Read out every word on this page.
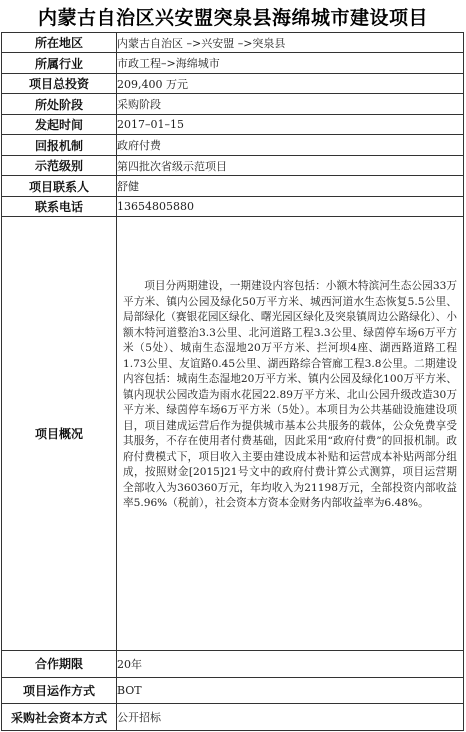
内蒙古自治区兴安盟突泉县海绵城市建设项目
所在地区	内蒙古自治区 –>兴安盟 –>突泉县
所属行业	市政工程–>海绵城市
项目总投资	209,400 万元
所处阶段	采购阶段
发起时间	2017–01–15
回报机制	政府付费
示范级别	第四批次省级示范项目
项目联系人	舒健
联系电话	13654805880
项目概况	项目分两期建设，一期建设内容包括：小额木特滨河生态公园33万平方米、镇内公园及绿化50万平方米、城西河道水生态恢复5.5公里、局部绿化（赛银花园区绿化、曙光园区绿化及突泉镇周边公路绿化）、小额木特河道整治3.3公里、北河道路工程3.3公里、绿茵停车场6万平方米（5处）、城南生态湿地20万平方米、拦河坝4座、湖西路道路工程1.73公里、友谊路0.45公里、湖西路综合管廊工程3.8公里。二期建设内容包括：城南生态湿地20万平方米、镇内公园及绿化100万平方米、镇内现状公园改造为雨水花园22.89万平方米、北山公园升级改造30万平方米、绿茵停车场6万平方米（5处）。本项目为公共基础设施建设项目，项目建成运营后作为提供城市基本公共服务的载体，公众免费享受其服务，不存在使用者付费基础，因此采用“政府付费”的回报机制。政府付费模式下，项目收入主要由建设成本补贴和运营成本补贴两部分组成，按照财金[2015]21号文中的政府付费计算公式测算，项目运营期全部收入为360360万元，年均收入为21198万元，全部投资内部收益率5.96%（税前），社会资本方资本金财务内部收益率为6.48%。

合作期限	20年
项目运作方式	BOT
采购社会资本方式	公开招标
